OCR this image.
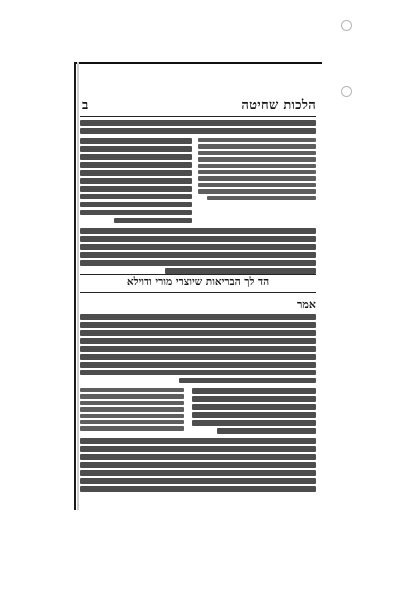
הלכות שחיטה
ב
הד לך הבריאות שיוצרי מורי ודוילא
אמר
